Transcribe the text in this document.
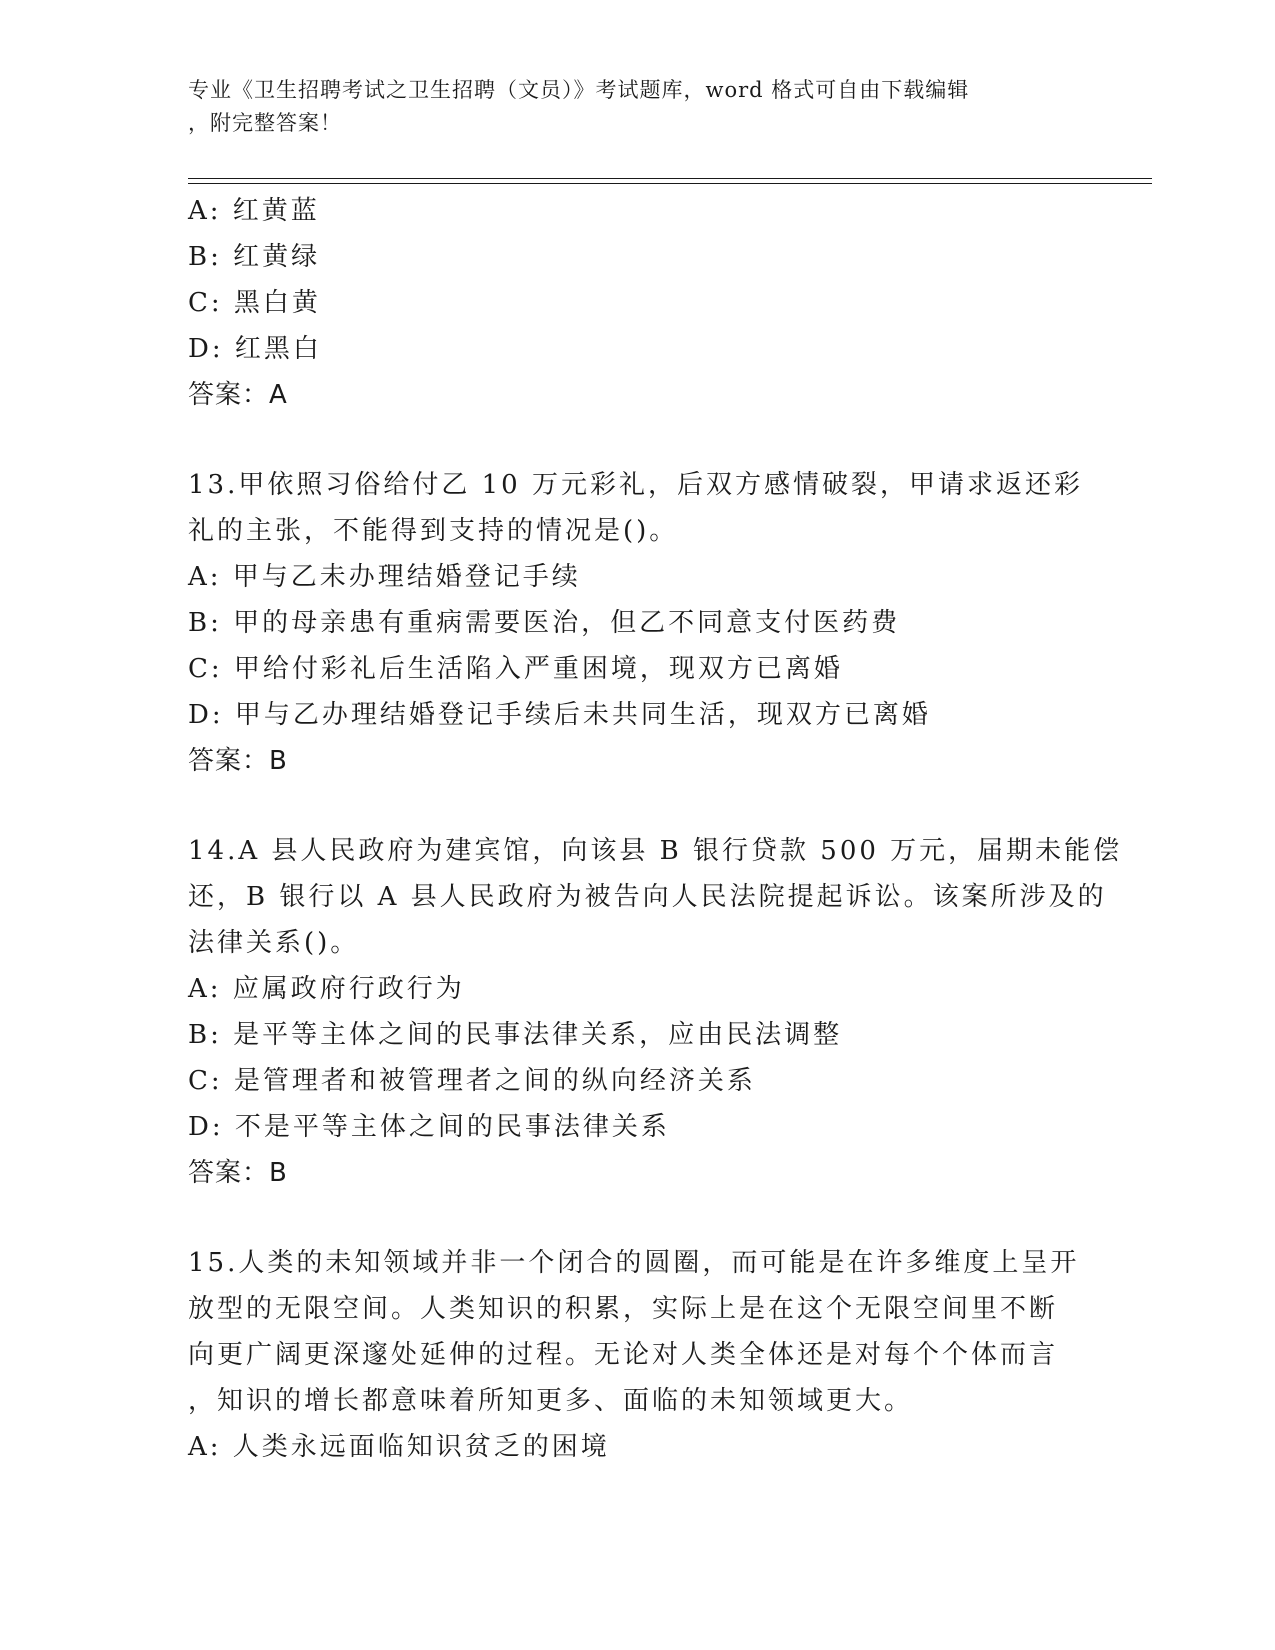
专业《卫生招聘考试之卫生招聘（文员）》考试题库，word 格式可自由下载编辑
，附完整答案！
A: 红黄蓝
B: 红黄绿
C: 黑白黄
D: 红黑白
答案：A
13.甲依照习俗给付乙 10 万元彩礼，后双方感情破裂，甲请求返还彩
礼的主张，不能得到支持的情况是()。
A: 甲与乙未办理结婚登记手续
B: 甲的母亲患有重病需要医治，但乙不同意支付医药费
C: 甲给付彩礼后生活陷入严重困境，现双方已离婚
D: 甲与乙办理结婚登记手续后未共同生活，现双方已离婚
答案：B
14.A 县人民政府为建宾馆，向该县 B 银行贷款 500 万元，届期未能偿
还，B 银行以 A 县人民政府为被告向人民法院提起诉讼。该案所涉及的
法律关系()。
A: 应属政府行政行为
B: 是平等主体之间的民事法律关系，应由民法调整
C: 是管理者和被管理者之间的纵向经济关系
D: 不是平等主体之间的民事法律关系
答案：B
15.人类的未知领域并非一个闭合的圆圈，而可能是在许多维度上呈开
放型的无限空间。人类知识的积累，实际上是在这个无限空间里不断
向更广阔更深邃处延伸的过程。无论对人类全体还是对每个个体而言
，知识的增长都意味着所知更多、面临的未知领域更大。
A: 人类永远面临知识贫乏的困境
